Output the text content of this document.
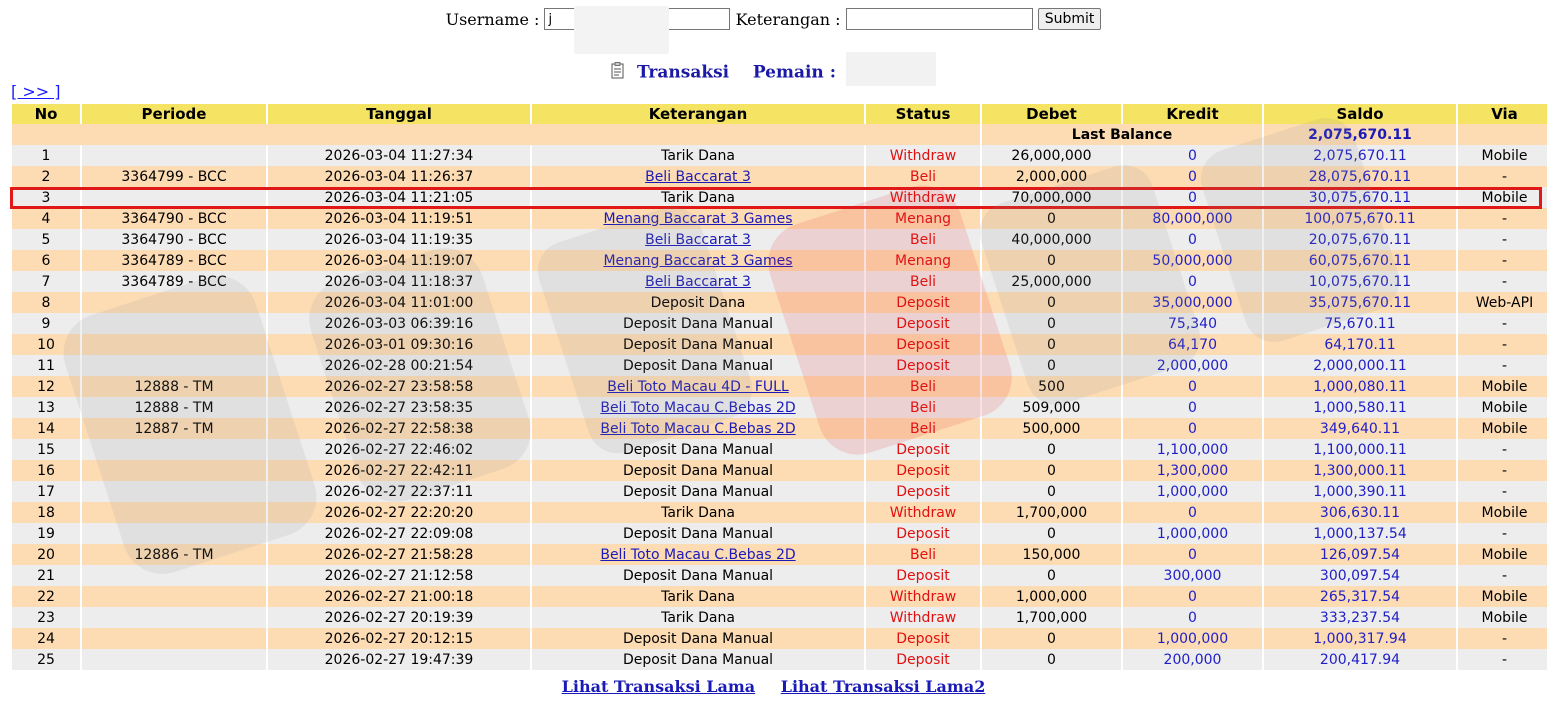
Username : j	Keterangan :	Submit
Transaksi Pemain :
[ >> ]
No	Periode	Tanggal	Keterangan	Status	Debet	Kredit	Saldo	Via
					Last Balance		2,075,670.11	
1		2026-03-04 11:27:34	Tarik Dana	Withdraw	26,000,000	0	2,075,670.11	Mobile
2	3364799 - BCC	2026-03-04 11:26:37	Beli Baccarat 3	Beli	2,000,000	0	28,075,670.11	-
3		2026-03-04 11:21:05	Tarik Dana	Withdraw	70,000,000	0	30,075,670.11	Mobile
4	3364790 - BCC	2026-03-04 11:19:51	Menang Baccarat 3 Games	Menang	0	80,000,000	100,075,670.11	-
5	3364790 - BCC	2026-03-04 11:19:35	Beli Baccarat 3	Beli	40,000,000	0	20,075,670.11	-
6	3364789 - BCC	2026-03-04 11:19:07	Menang Baccarat 3 Games	Menang	0	50,000,000	60,075,670.11	-
7	3364789 - BCC	2026-03-04 11:18:37	Beli Baccarat 3	Beli	25,000,000	0	10,075,670.11	-
8		2026-03-04 11:01:00	Deposit Dana	Deposit	0	35,000,000	35,075,670.11	Web-API
9		2026-03-03 06:39:16	Deposit Dana Manual	Deposit	0	75,340	75,670.11	-
10		2026-03-01 09:30:16	Deposit Dana Manual	Deposit	0	64,170	64,170.11	-
11		2026-02-28 00:21:54	Deposit Dana Manual	Deposit	0	2,000,000	2,000,000.11	-
12	12888 - TM	2026-02-27 23:58:58	Beli Toto Macau 4D - FULL	Beli	500	0	1,000,080.11	Mobile
13	12888 - TM	2026-02-27 23:58:35	Beli Toto Macau C.Bebas 2D	Beli	509,000	0	1,000,580.11	Mobile
14	12887 - TM	2026-02-27 22:58:38	Beli Toto Macau C.Bebas 2D	Beli	500,000	0	349,640.11	Mobile
15		2026-02-27 22:46:02	Deposit Dana Manual	Deposit	0	1,100,000	1,100,000.11	-
16		2026-02-27 22:42:11	Deposit Dana Manual	Deposit	0	1,300,000	1,300,000.11	-
17		2026-02-27 22:37:11	Deposit Dana Manual	Deposit	0	1,000,000	1,000,390.11	-
18		2026-02-27 22:20:20	Tarik Dana	Withdraw	1,700,000	0	306,630.11	Mobile
19		2026-02-27 22:09:08	Deposit Dana Manual	Deposit	0	1,000,000	1,000,137.54	-
20	12886 - TM	2026-02-27 21:58:28	Beli Toto Macau C.Bebas 2D	Beli	150,000	0	126,097.54	Mobile
21		2026-02-27 21:12:58	Deposit Dana Manual	Deposit	0	300,000	300,097.54	-
22		2026-02-27 21:00:18	Tarik Dana	Withdraw	1,000,000	0	265,317.54	Mobile
23		2026-02-27 20:19:39	Tarik Dana	Withdraw	1,700,000	0	333,237.54	Mobile
24		2026-02-27 20:12:15	Deposit Dana Manual	Deposit	0	1,000,000	1,000,317.94	-
25		2026-02-27 19:47:39	Deposit Dana Manual	Deposit	0	200,000	200,417.94	-
Lihat Transaksi Lama Lihat Transaksi Lama2
